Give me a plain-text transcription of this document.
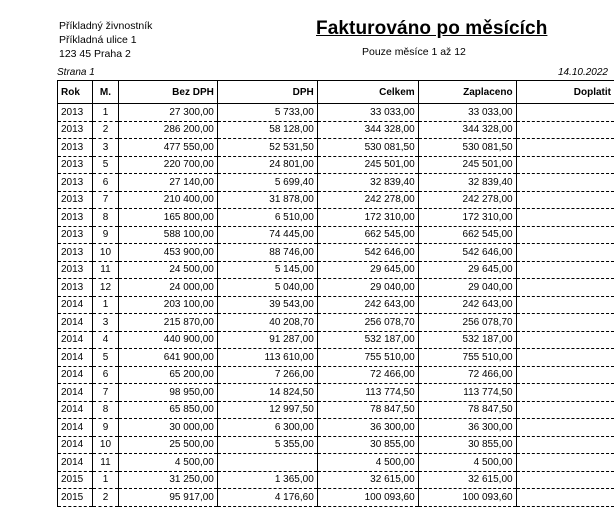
Příkladný živnostník
Příkladná ulice 1
123 45 Praha 2
Fakturováno po měsících
Pouze měsíce 1 až 12
Strana 1	14.10.2022
Rok	M.	Bez DPH	DPH	Celkem	Zaplaceno	Doplatit
2013	1	27 300,00	5 733,00	33 033,00	33 033,00	
2013	2	286 200,00	58 128,00	344 328,00	344 328,00	
2013	3	477 550,00	52 531,50	530 081,50	530 081,50	
2013	5	220 700,00	24 801,00	245 501,00	245 501,00	
2013	6	27 140,00	5 699,40	32 839,40	32 839,40	
2013	7	210 400,00	31 878,00	242 278,00	242 278,00	
2013	8	165 800,00	6 510,00	172 310,00	172 310,00	
2013	9	588 100,00	74 445,00	662 545,00	662 545,00	
2013	10	453 900,00	88 746,00	542 646,00	542 646,00	
2013	11	24 500,00	5 145,00	29 645,00	29 645,00	
2013	12	24 000,00	5 040,00	29 040,00	29 040,00	
2014	1	203 100,00	39 543,00	242 643,00	242 643,00	
2014	3	215 870,00	40 208,70	256 078,70	256 078,70	
2014	4	440 900,00	91 287,00	532 187,00	532 187,00	
2014	5	641 900,00	113 610,00	755 510,00	755 510,00	
2014	6	65 200,00	7 266,00	72 466,00	72 466,00	
2014	7	98 950,00	14 824,50	113 774,50	113 774,50	
2014	8	65 850,00	12 997,50	78 847,50	78 847,50	
2014	9	30 000,00	6 300,00	36 300,00	36 300,00	
2014	10	25 500,00	5 355,00	30 855,00	30 855,00	
2014	11	4 500,00		4 500,00	4 500,00	
2015	1	31 250,00	1 365,00	32 615,00	32 615,00	
2015	2	95 917,00	4 176,60	100 093,60	100 093,60	
